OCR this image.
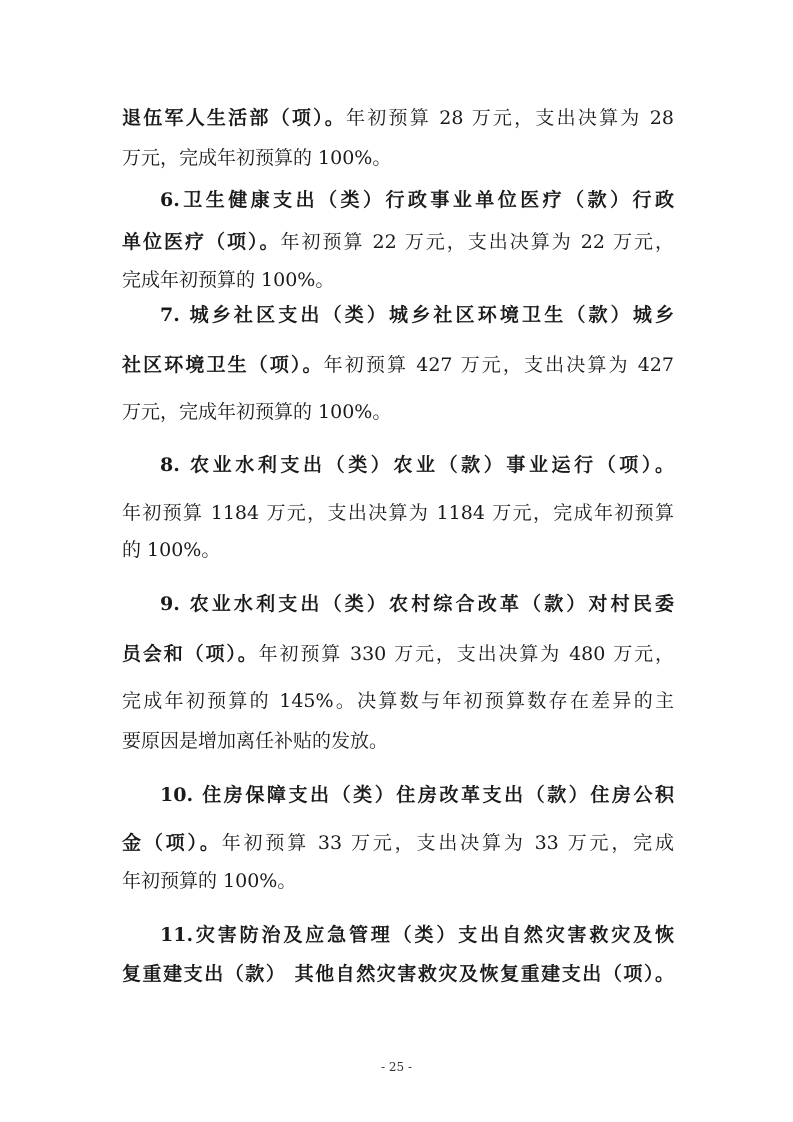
退伍军人生活部（项）。年初预算 28 万元，支出决算为 28
万元，完成年初预算的 100%。
6.卫生健康支出（类）行政事业单位医疗（款）行政
单位医疗（项）。年初预算 22 万元，支出决算为 22 万元，
完成年初预算的 100%。
7. 城乡社区支出（类）城乡社区环境卫生（款）城乡
社区环境卫生（项）。年初预算 427 万元，支出决算为 427
万元，完成年初预算的 100%。
8. 农业水利支出（类）农业（款）事业运行（项）。
年初预算 1184 万元，支出决算为 1184 万元，完成年初预算
的 100%。
9. 农业水利支出（类）农村综合改革（款）对村民委
员会和（项）。年初预算 330 万元，支出决算为 480 万元，
完成年初预算的 145%。决算数与年初预算数存在差异的主
要原因是增加离任补贴的发放。
10. 住房保障支出（类）住房改革支出（款）住房公积
金（项）。年初预算 33 万元，支出决算为 33 万元，完成
年初预算的 100%。
11.灾害防治及应急管理（类）支出自然灾害救灾及恢
复重建支出（款） 其他自然灾害救灾及恢复重建支出（项）。
- 25 -
